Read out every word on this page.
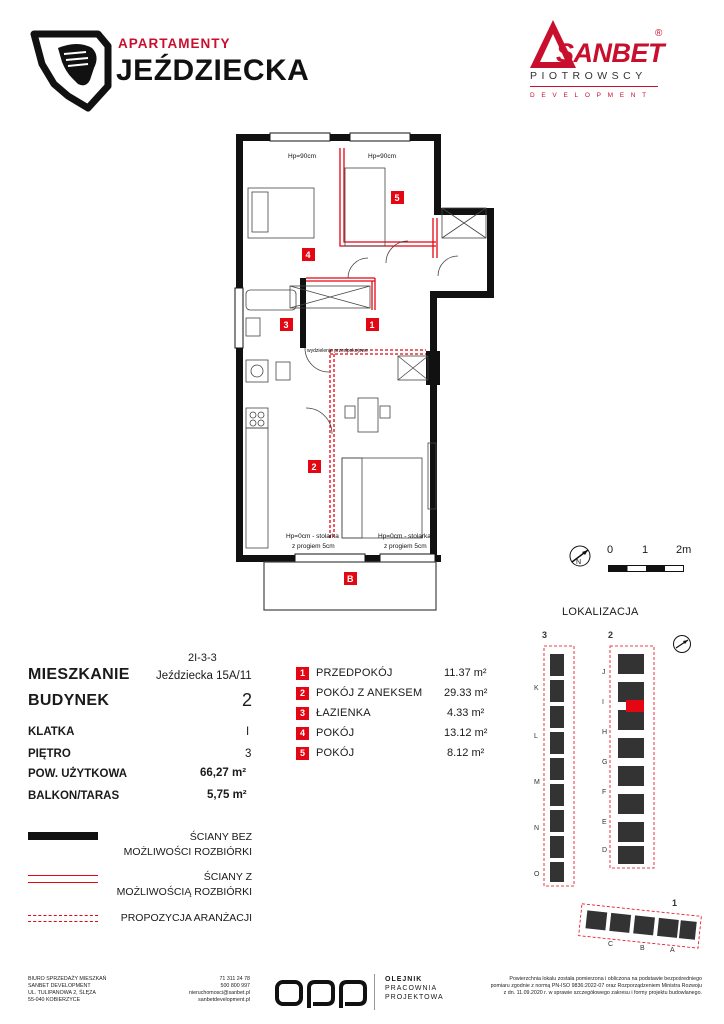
APARTAMENTY
JEŹDZIECKA
SANBET
®
PIOTROWSCY
DEVELOPMENT
Hp=90cm	Hp=90cm
wydzielenie przedpokojowe
Hp=0cm - stolarka
z progiem 5cm
Hp=0cm - stolarka
z progiem 5cm
1
2
3
4
5
B
N
0	1	2m
2I-3-3
MIESZKANIE Jeździecka 15A/11
BUDYNEK	2
KLATKA	I
PIĘTRO	3
POW. UŻYTKOWA	66,27 m²
BALKON/TARAS	5,75 m²
1	PRZEDPOKÓJ	11.37 m²
2	POKÓJ Z ANEKSEM 29.33 m²
3	ŁAZIENKA	4.33 m²
4	POKÓJ	13.12 m²
5	POKÓJ	8.12 m²
ŚCIANY BEZ
MOŻLIWOŚCI ROZBIÓRKI
ŚCIANY Z
MOŻLIWOŚCIĄ ROZBIÓRKI
PROPOZYCJA ARANŻACJI
LOKALIZACJA
3	2
1
K
L
M
N
O
J
I
H
G
F
E
D
A
B
C
BIURO SPRZEDAŻY MIESZKAŃ
SANBET DEVELOPMENT
UL. TULIPANOWA 2, ŚLĘZA
55-040 KOBIERZYCE
71 311 24 78
500 800 997
nieruchomosci@sanbet.pl
sanbetdevelopment.pl
OLEJNIK
PRACOWNIA
PROJEKTOWA
Powierzchnia lokalu została pomierzona i obliczona na podstawie bezpośredniego
pomiaru zgodnie z normą PN-ISO 9836:2022-07 oraz Rozporządzeniem Ministra Rozwoju
z dn. 11.09.2020 r. w sprawie szczegółowego zakresu i formy projektu budowlanego.
